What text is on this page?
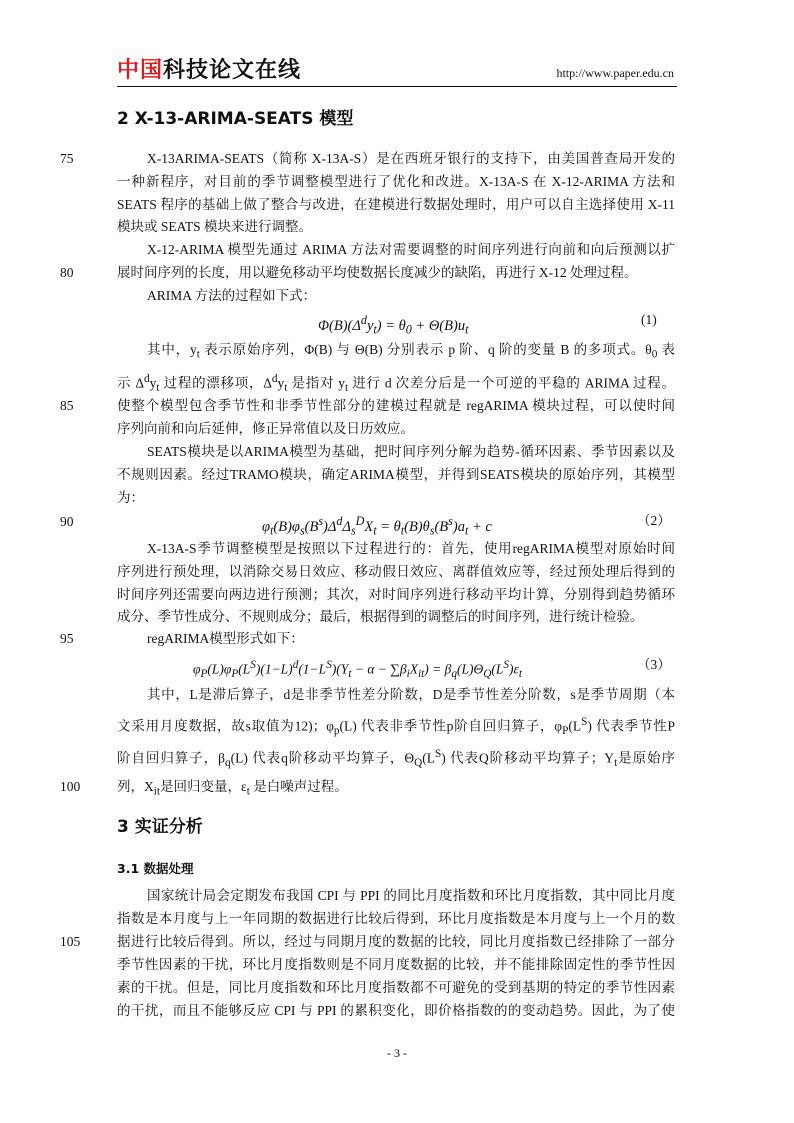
中国科技论文在线	http://www.paper.edu.cn
2 X-13-ARIMA-SEATS 模型
75
80
85
90
95
100
105
X-13ARIMA-SEATS（简称 X-13A-S）是在西班牙银行的支持下，由美国普查局开发的
一种新程序，对目前的季节调整模型进行了优化和改进。X-13A-S 在 X-12-ARIMA 方法和
SEATS 程序的基础上做了整合与改进，在建模进行数据处理时，用户可以自主选择使用 X-11
模块或 SEATS 模块来进行调整。
X-12-ARIMA 模型先通过 ARIMA 方法对需要调整的时间序列进行向前和向后预测以扩
展时间序列的长度，用以避免移动平均使数据长度减少的缺陷，再进行 X-12 处理过程。
ARIMA 方法的过程如下式：
$\Phi(B)(\Delta^dy_t) = \theta_0 + \Theta(B)u_t$
(1)
其中，$y_t$ 表示原始序列，Φ(B) 与 Θ(B) 分别表示 p 阶、q 阶的变量 B 的多项式。$\theta_0$ 表
示 $\Delta^dy_t$ 过程的漂移项，$\Delta^dy_t$ 是指对 $y_t$ 进行 d 次差分后是一个可逆的平稳的 ARIMA 过程。
使整个模型包含季节性和非季节性部分的建模过程就是 regARIMA 模块过程，可以使时间
序列向前和向后延伸，修正异常值以及日历效应。
SEATS模块是以ARIMA模型为基础，把时间序列分解为趋势-循环因素、季节因素以及
不规则因素。经过TRAMO模块，确定ARIMA模型，并得到SEATS模块的原始序列，其模型
为：
$\varphi_t(B)\varphi_s(B^s)\Delta^d\Delta_s^DX_t = \theta_t(B)\theta_s(B^s)a_t + c$	（2）
X-13A-S季节调整模型是按照以下过程进行的：首先，使用regARIMA模型对原始时间
序列进行预处理，以消除交易日效应、移动假日效应、离群值效应等，经过预处理后得到的
时间序列还需要向两边进行预测；其次，对时间序列进行移动平均计算，分别得到趋势循环
成分、季节性成分、不规则成分；最后，根据得到的调整后的时间序列，进行统计检验。
regARIMA模型形式如下：
$\varphi_P(L)\varphi_P(L^S)(1-L)^d(1-L^S)(Y_t - \alpha - \sum\beta_iX_{it}) = \beta_q(L)\Theta_Q(L^S)\varepsilon_t$
（3）
其中，L是滞后算子，d是非季节性差分阶数，D是季节性差分阶数，s是季节周期（本
文采用月度数据，故s取值为12)；$\varphi_p(L)$ 代表非季节性p阶自回归算子，$\varphi_P(L^S)$ 代表季节性P
阶自回归算子，$\beta_q(L)$ 代表q阶移动平均算子，$\Theta_Q(L^S)$ 代表Q阶移动平均算子；$Y_t$是原始序
列，$X_{it}$是回归变量，$\varepsilon_t$ 是白噪声过程。
3 实证分析
3.1 数据处理
国家统计局会定期发布我国 CPI 与 PPI 的同比月度指数和环比月度指数，其中同比月度
指数是本月度与上一年同期的数据进行比较后得到，环比月度指数是本月度与上一个月的数
据进行比较后得到。所以，经过与同期月度的数据的比较，同比月度指数已经排除了一部分
季节性因素的干扰，环比月度指数则是不同月度数据的比较，并不能排除固定性的季节性因
素的干扰。但是，同比月度指数和环比月度指数都不可避免的受到基期的特定的季节性因素
的干扰，而且不能够反应 CPI 与 PPI 的累积变化，即价格指数的的变动趋势。因此，为了使
- 3 -
